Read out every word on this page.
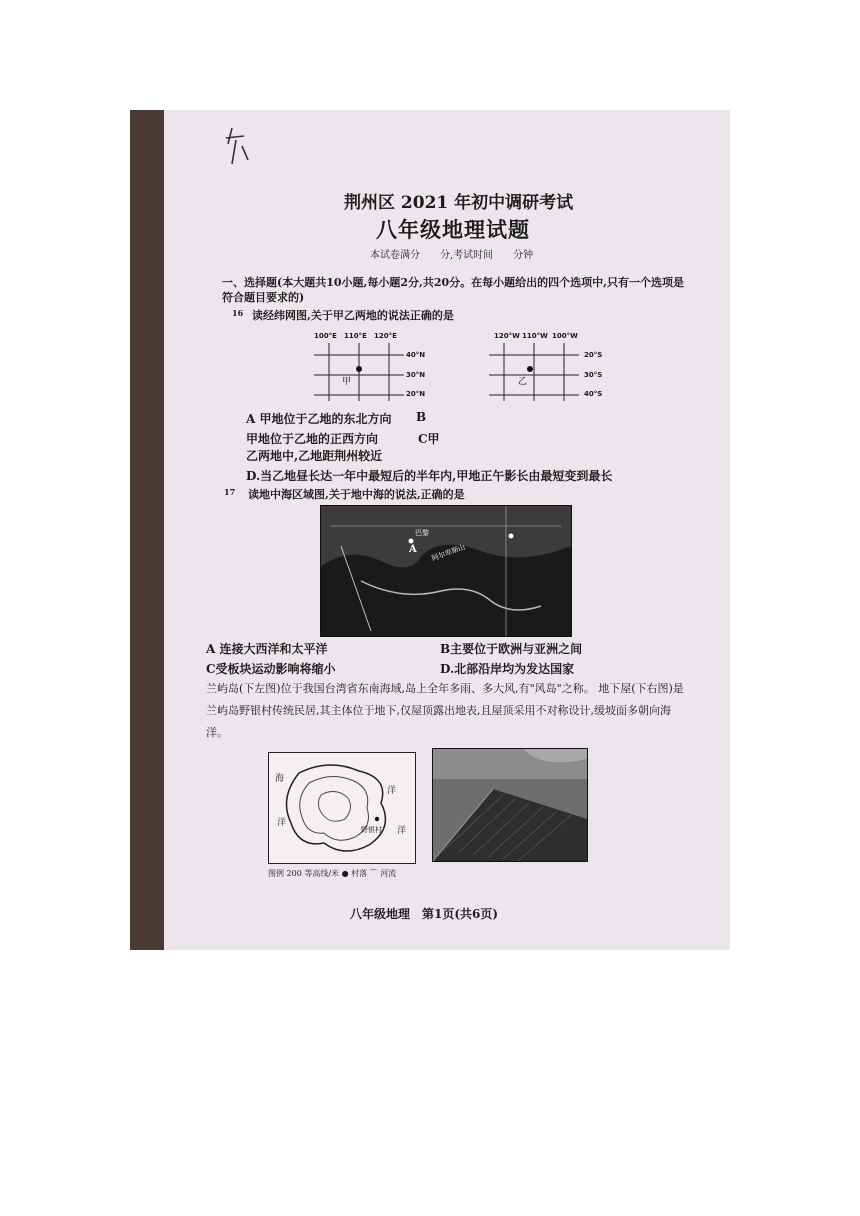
荆州区 2021 年初中调研考试
八年级地理试题
本试卷满分　　分,考试时间　　分钟
一、选择题(本大题共10小题,每小题2分,共20分。在每小题给出的四个选项中,只有一个选项是符合题目要求的)
16 读经纬网图,关于甲乙两地的说法正确的是
100°E 110°E 120°E
40°N
30°N
20°N
甲
120°W 110°W 100°W
20°S
30°S
40°S
乙
A 甲地位于乙地的东北方向 B
甲地位于乙地的正西方向	C甲
乙两地中,乙地距荆州较近
D.当乙地昼长达一年中最短后的半年内,甲地正午影长由最短变到最长
17 读地中海区域图,关于地中海的说法,正确的是
A
巴黎
阿尔卑斯山
A 连接大西洋和太平洋	B主要位于欧洲与亚洲之间
C受板块运动影响将缩小	D.北部沿岸均为发达国家
兰屿岛(下左图)位于我国台湾省东南海域,岛上全年多雨、多大风,有"风岛"之称。 地下屋(下右图)是兰屿岛野银村传统民居,其主体位于地下,仅屋顶露出地表,且屋顶采用不对称设计,缓坡面多朝向海洋。
海
洋
洋
野银村 洋
图例 200 等高线/米 ● 村落 ⌒ 河流
八年级地理　第1页(共6页)
